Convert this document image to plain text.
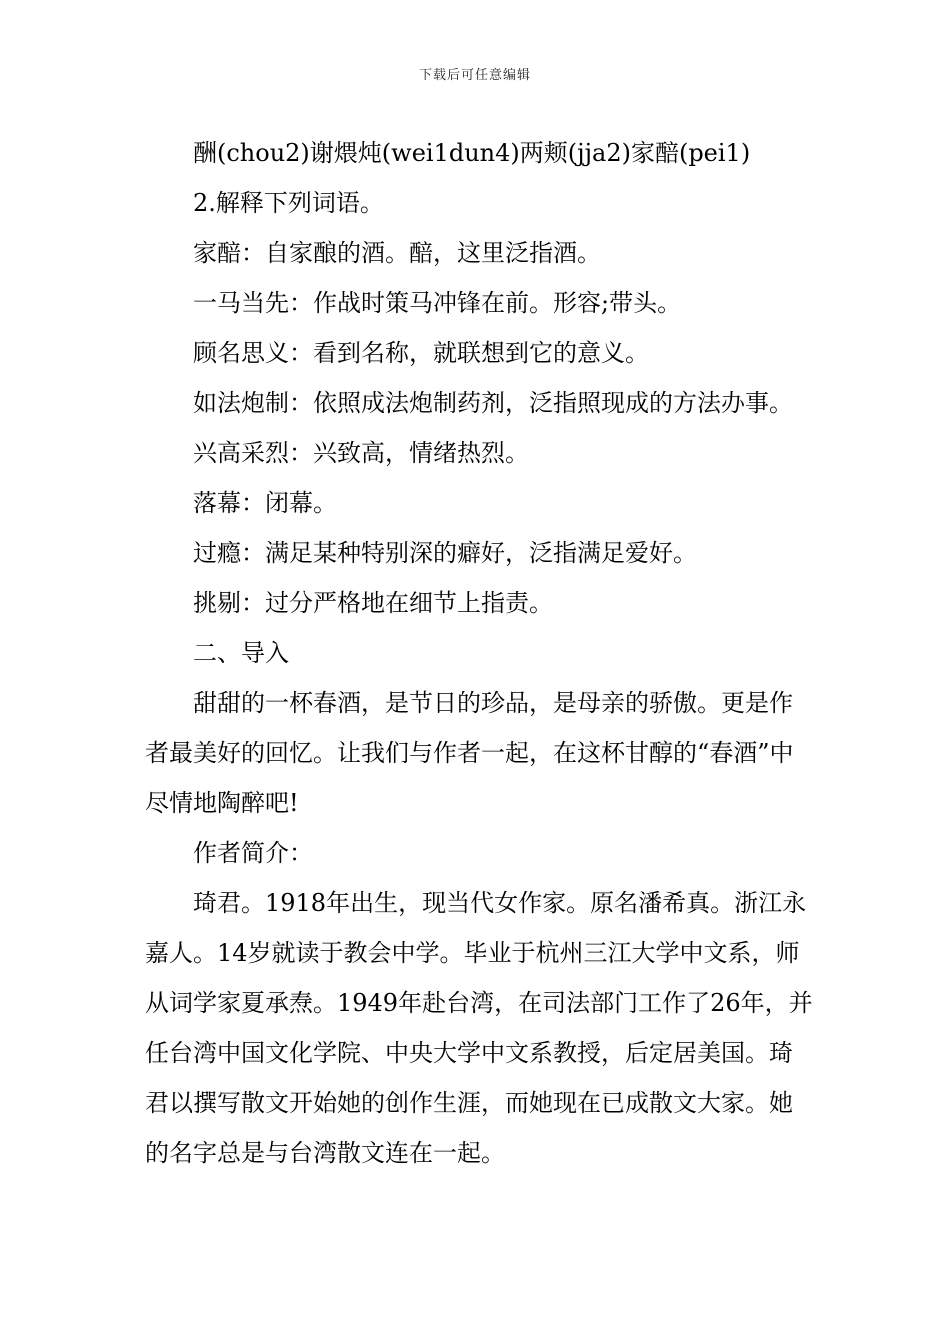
下载后可任意编辑

酬(chou2)谢煨炖(wei1dun4)两颊(jja2)家醅(pei1)

2.解释下列词语。

家醅：自家酿的酒。醅，这里泛指酒。

一马当先：作战时策马冲锋在前。形容;带头。

顾名思义：看到名称，就联想到它的意义。

如法炮制：依照成法炮制药剂，泛指照现成的方法办事。

兴高采烈：兴致高，情绪热烈。

落幕：闭幕。

过瘾：满足某种特别深的癖好，泛指满足爱好。

挑剔：过分严格地在细节上指责。

二、导入

甜甜的一杯春酒，是节日的珍品，是母亲的骄傲。更是作者最美好的回忆。让我们与作者一起，在这杯甘醇的“春酒”中尽情地陶醉吧!

作者简介：

琦君。1918年出生，现当代女作家。原名潘希真。浙江永嘉人。14岁就读于教会中学。毕业于杭州三江大学中文系，师从词学家夏承焘。1949年赴台湾，在司法部门工作了26年，并任台湾中国文化学院、中央大学中文系教授，后定居美国。琦君以撰写散文开始她的创作生涯，而她现在已成散文大家。她的名字总是与台湾散文连在一起。
